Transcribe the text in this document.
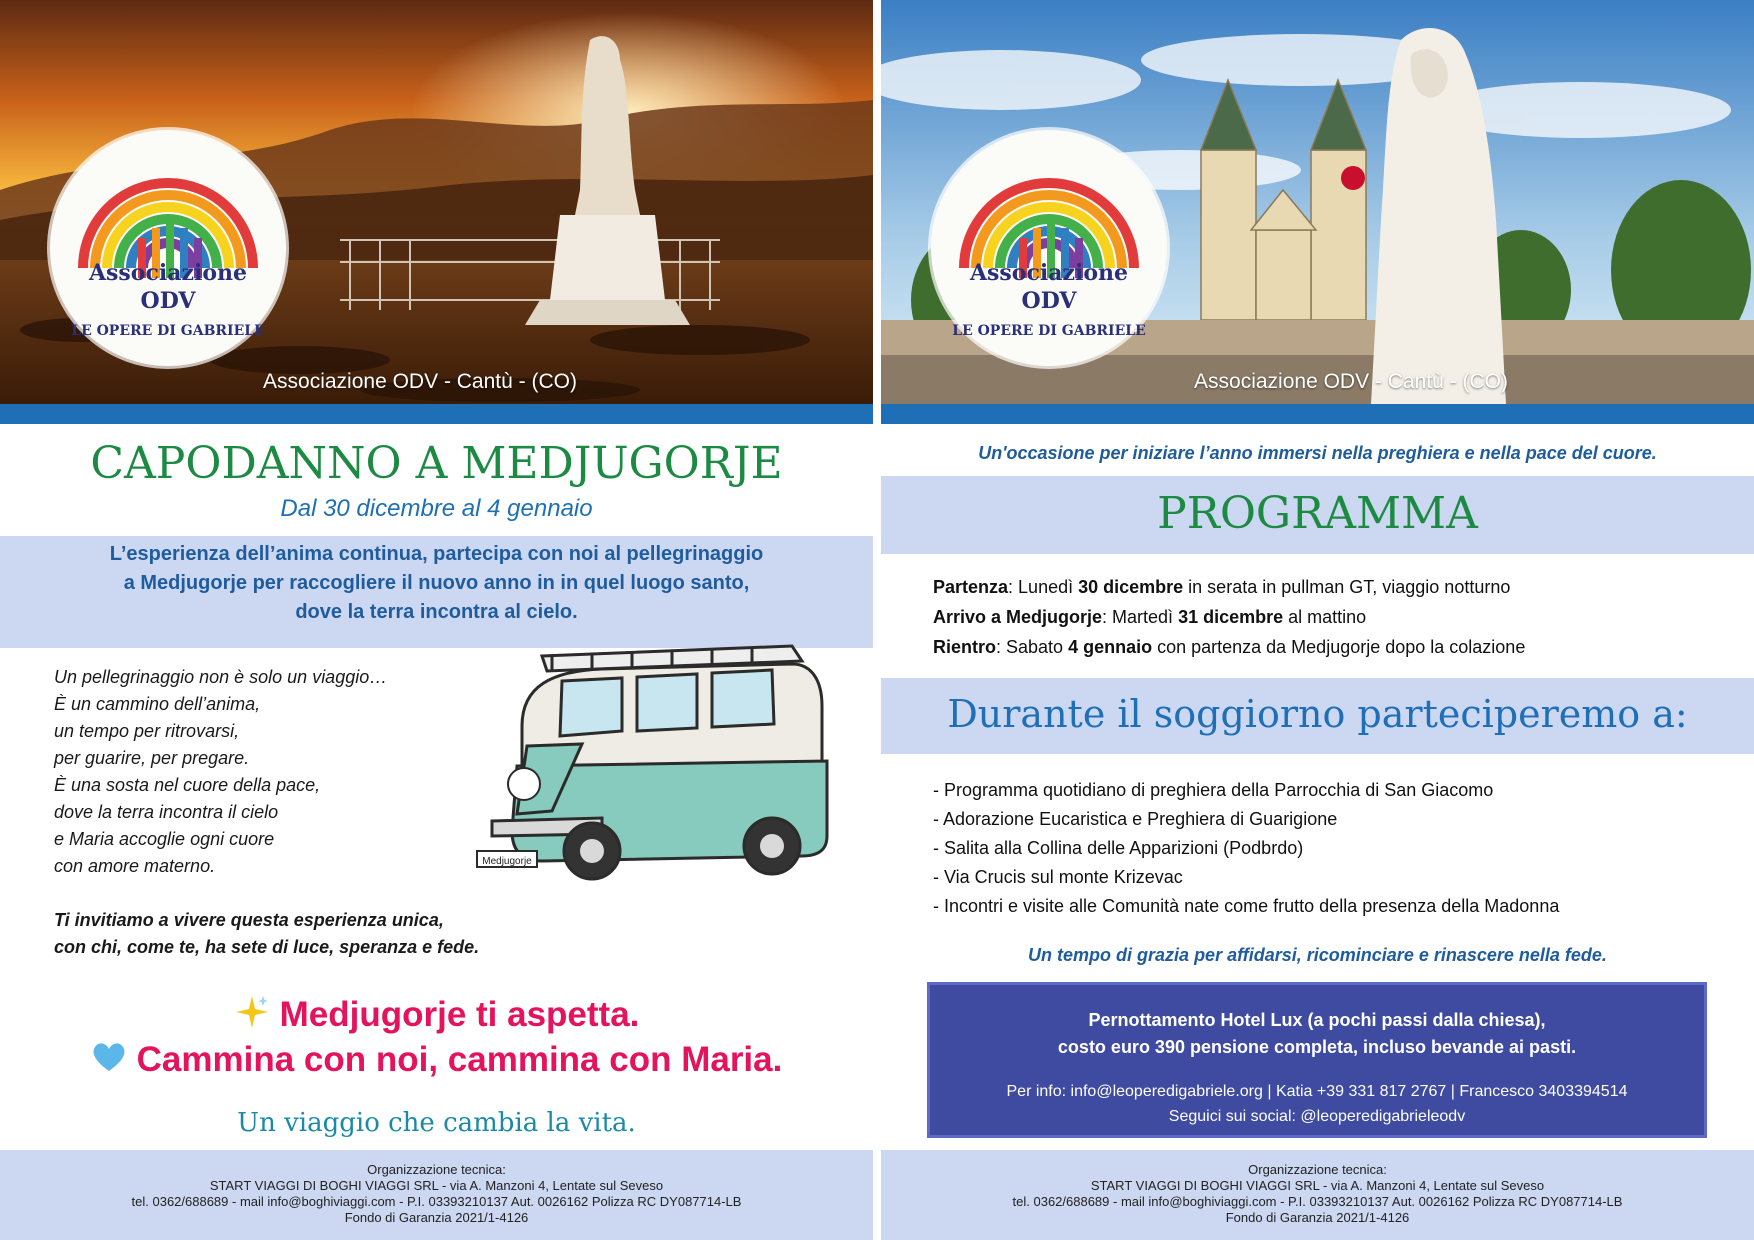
Associazione
ODV
LE OPERE DI GABRIELE
Associazione ODV - Cantù - (CO)
CAPODANNO A MEDJUGORJE
Dal 30 dicembre al 4 gennaio
L’esperienza dell’anima continua, partecipa con noi al pellegrinaggio
a Medjugorje per raccogliere il nuovo anno in in quel luogo santo,
dove la terra incontra al cielo.
Un pellegrinaggio non è solo un viaggio…
È un cammino dell’anima,
un tempo per ritrovarsi,
per guarire, per pregare.
È una sosta nel cuore della pace,
dove la terra incontra il cielo
e Maria accoglie ogni cuore
con amore materno.
Ti invitiamo a vivere questa esperienza unica,
con chi, come te, ha sete di luce, speranza e fede.
Medjugorje
Medjugorje ti aspetta.
Cammina con noi, cammina con Maria.
Un viaggio che cambia la vita.
Organizzazione tecnica:
START VIAGGI DI BOGHI VIAGGI SRL - via A. Manzoni 4, Lentate sul Seveso
tel. 0362/688689 - mail info@boghiviaggi.com - P.I. 03393210137 Aut. 0026162 Polizza RC DY087714-LB
Fondo di Garanzia 2021/1-4126
Associazione
ODV
LE OPERE DI GABRIELE
Associazione ODV - Cantù - (CO)
Un'occasione per iniziare l’anno immersi nella preghiera e nella pace del cuore.
PROGRAMMA
Partenza: Lunedì 30 dicembre in serata in pullman GT, viaggio notturno
Arrivo a Medjugorje: Martedì 31 dicembre al mattino
Rientro: Sabato 4 gennaio con partenza da Medjugorje dopo la colazione
Durante il soggiorno parteciperemo a:
- Programma quotidiano di preghiera della Parrocchia di San Giacomo
- Adorazione Eucaristica e Preghiera di Guarigione
- Salita alla Collina delle Apparizioni (Podbrdo)
- Via Crucis sul monte Krizevac
- Incontri e visite alle Comunità nate come frutto della presenza della Madonna
Un tempo di grazia per affidarsi, ricominciare e rinascere nella fede.
Pernottamento Hotel Lux (a pochi passi dalla chiesa),
costo euro 390 pensione completa, incluso bevande ai pasti.
Per info: info@leoperedigabriele.org | Katia +39 331 817 2767 | Francesco 3403394514
Seguici sui social: @leoperedigabrieleodv
Organizzazione tecnica:
START VIAGGI DI BOGHI VIAGGI SRL - via A. Manzoni 4, Lentate sul Seveso
tel. 0362/688689 - mail info@boghiviaggi.com - P.I. 03393210137 Aut. 0026162 Polizza RC DY087714-LB
Fondo di Garanzia 2021/1-4126
